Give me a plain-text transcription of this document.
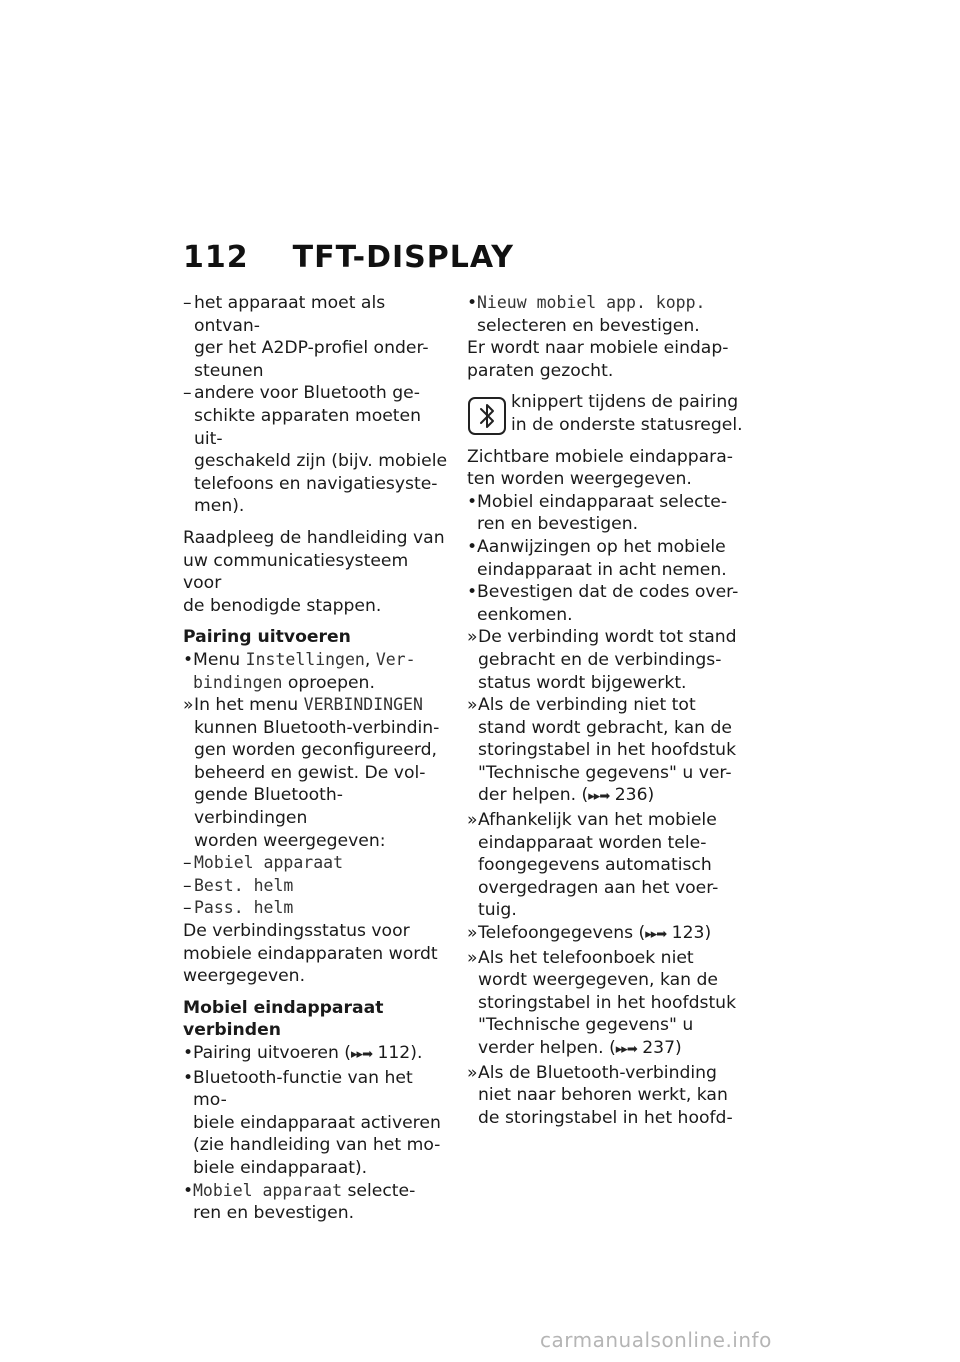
112 TFT-DISPLAY
– het apparaat moet als ontvan-
ger het A2DP-profiel onder-
steunen
– andere voor Bluetooth ge-
schikte apparaten moeten uit-
geschakeld zijn (bijv. mobiele
telefoons en navigatiesyste-
men).
Raadpleeg de handleiding van
uw communicatiesysteem voor
de benodigde stappen.
Pairing uitvoeren
• Menu Instellingen, Ver-
bindingen oproepen.
» In het menu VERBINDINGEN
kunnen Bluetooth-verbindin-
gen worden geconfigureerd,
beheerd en gewist. De vol-
gende Bluetooth-verbindingen
worden weergegeven:
– Mobiel apparaat
– Best. helm
– Pass. helm
De verbindingsstatus voor
mobiele eindapparaten wordt
weergegeven.
Mobiel eindapparaat
verbinden
• Pairing uitvoeren (▸▸➡ 112).
• Bluetooth-functie van het mo-
biele eindapparaat activeren
(zie handleiding van het mo-
biele eindapparaat).
• Mobiel apparaat selecte-
ren en bevestigen.
• Nieuw mobiel app. kopp.
selecteren en bevestigen.
Er wordt naar mobiele eindap-
paraten gezocht.
knippert tijdens de pairing
in de onderste statusregel.
Zichtbare mobiele eindappara-
ten worden weergegeven.
• Mobiel eindapparaat selecte-
ren en bevestigen.
• Aanwijzingen op het mobiele
eindapparaat in acht nemen.
• Bevestigen dat de codes over-
eenkomen.
» De verbinding wordt tot stand
gebracht en de verbindings-
status wordt bijgewerkt.
» Als de verbinding niet tot
stand wordt gebracht, kan de
storingstabel in het hoofdstuk
"Technische gegevens" u ver-
der helpen. (▸▸➡ 236)
» Afhankelijk van het mobiele
eindapparaat worden tele-
foongegevens automatisch
overgedragen aan het voer-
tuig.
» Telefoongegevens (▸▸➡ 123)
» Als het telefoonboek niet
wordt weergegeven, kan de
storingstabel in het hoofdstuk
"Technische gegevens" u
verder helpen. (▸▸➡ 237)
» Als de Bluetooth-verbinding
niet naar behoren werkt, kan
de storingstabel in het hoofd-
carmanualsonline.info
